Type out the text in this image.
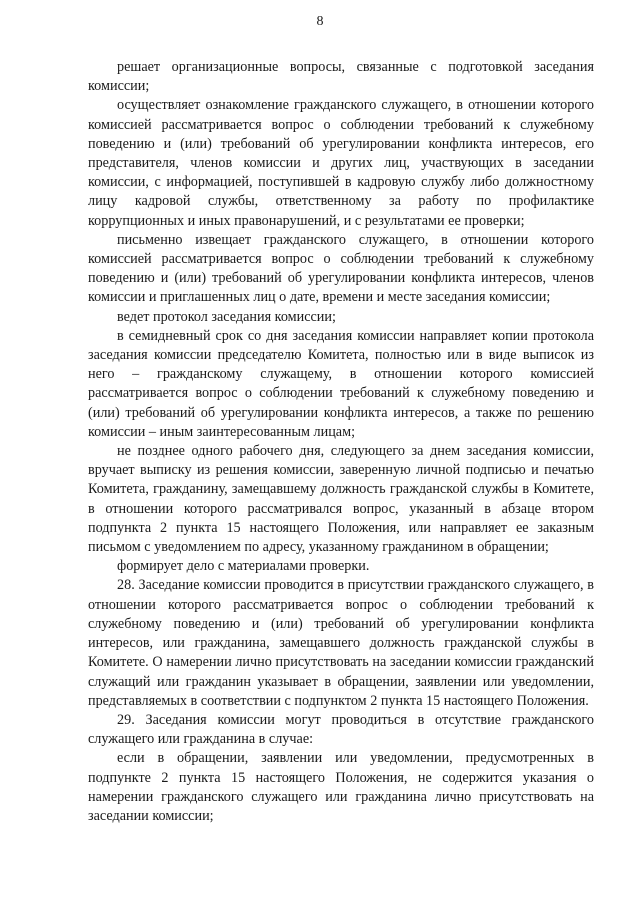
8

решает организационные вопросы, связанные с подготовкой заседания комиссии;

осуществляет ознакомление гражданского служащего, в отношении которого комиссией рассматривается вопрос о соблюдении требований к служебному поведению и (или) требований об урегулировании конфликта интересов, его представителя, членов комиссии и других лиц, участвующих в заседании комиссии, с информацией, поступившей в кадровую службу либо должностному лицу кадровой службы, ответственному за работу по профилактике коррупционных и иных правонарушений, и с результатами ее проверки;

письменно извещает гражданского служащего, в отношении которого комиссией рассматривается вопрос о соблюдении требований к служебному поведению и (или) требований об урегулировании конфликта интересов, членов комиссии и приглашенных лиц о дате, времени и месте заседания комиссии;

ведет протокол заседания комиссии;

в семидневный срок со дня заседания комиссии направляет копии протокола заседания комиссии председателю Комитета, полностью или в виде выписок из него – гражданскому служащему, в отношении которого комиссией рассматривается вопрос о соблюдении требований к служебному поведению и (или) требований об урегулировании конфликта интересов, а также по решению комиссии – иным заинтересованным лицам;

не позднее одного рабочего дня, следующего за днем заседания комиссии, вручает выписку из решения комиссии, заверенную личной подписью и печатью Комитета, гражданину, замещавшему должность гражданской службы в Комитете, в отношении которого рассматривался вопрос, указанный в абзаце втором подпункта 2 пункта 15 настоящего Положения, или направляет ее заказным письмом с уведомлением по адресу, указанному гражданином в обращении;

формирует дело с материалами проверки.

28. Заседание комиссии проводится в присутствии гражданского служащего, в отношении которого рассматривается вопрос о соблюдении требований к служебному поведению и (или) требований об урегулировании конфликта интересов, или гражданина, замещавшего должность гражданской службы в Комитете. О намерении лично присутствовать на заседании комиссии гражданский служащий или гражданин указывает в обращении, заявлении или уведомлении, представляемых в соответствии с подпунктом 2 пункта 15 настоящего Положения.

29. Заседания комиссии могут проводиться в отсутствие гражданского служащего или гражданина в случае:

если в обращении, заявлении или уведомлении, предусмотренных в подпункте 2 пункта 15 настоящего Положения, не содержится указания о намерении гражданского служащего или гражданина лично присутствовать на заседании комиссии;
